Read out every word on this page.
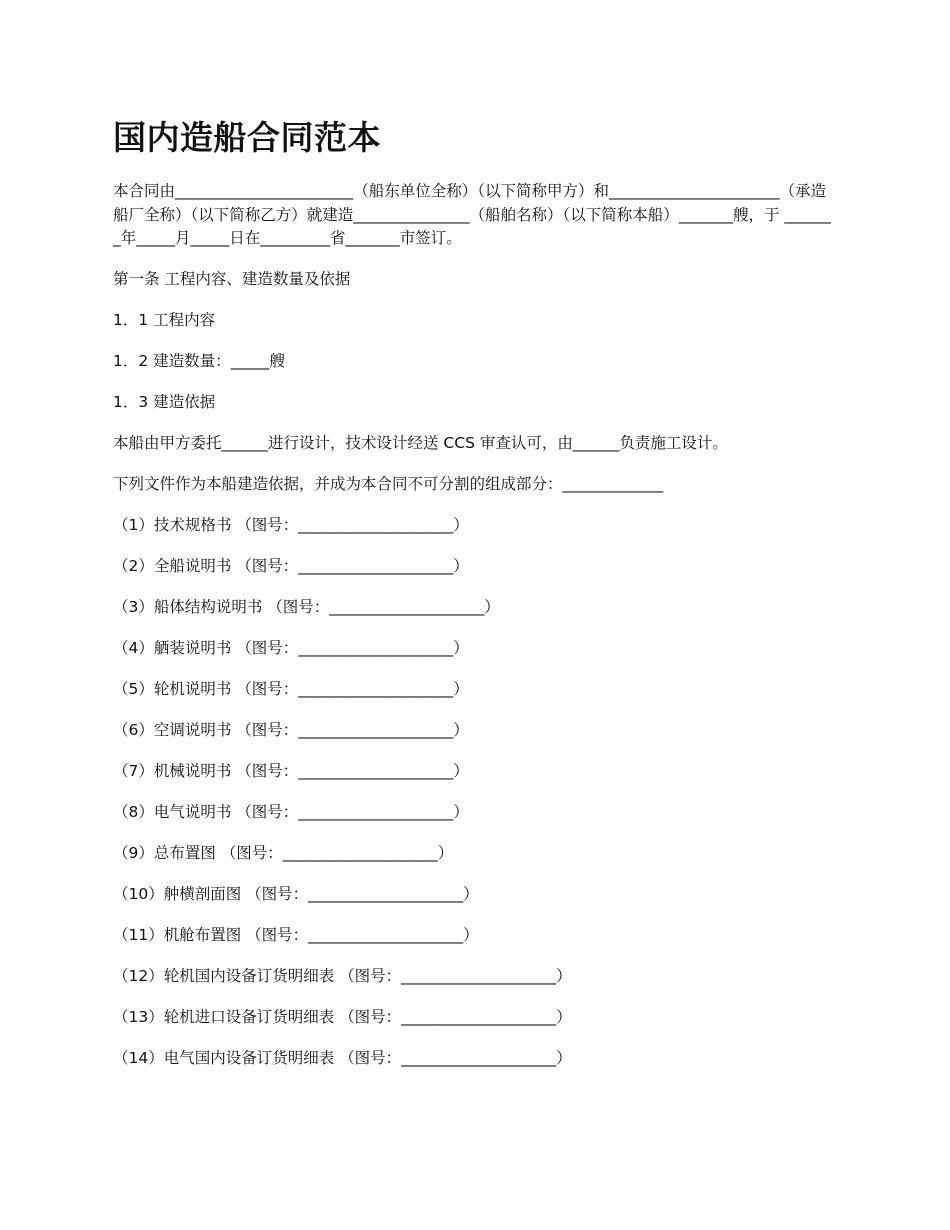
国内造船合同范本

本合同由_______________________（船东单位全称）（以下简称甲方）和______________________（承造船厂全称）（以下简称乙方）就建造_______________（船舶名称）（以下简称本船）_______艘，于 _______年_____月_____日在_________省_______市签订。

第一条 工程内容、建造数量及依据

1．1 工程内容

1．2 建造数量：_____艘

1．3 建造依据

本船由甲方委托______进行设计，技术设计经送 CCS 审查认可，由______负责施工设计。

下列文件作为本船建造依据，并成为本合同不可分割的组成部分：_____________

（1）技术规格书 （图号：____________________）

（2）全船说明书 （图号：____________________）

（3）船体结构说明书 （图号：____________________）

（4）舾装说明书 （图号：____________________）

（5）轮机说明书 （图号：____________________）

（6）空调说明书 （图号：____________________）

（7）机械说明书 （图号：____________________）

（8）电气说明书 （图号：____________________）

（9）总布置图 （图号：____________________）

（10）舯横剖面图 （图号：____________________）

（11）机舱布置图 （图号：____________________）

（12）轮机国内设备订货明细表 （图号：____________________）

（13）轮机进口设备订货明细表 （图号：____________________）

（14）电气国内设备订货明细表 （图号：____________________）
